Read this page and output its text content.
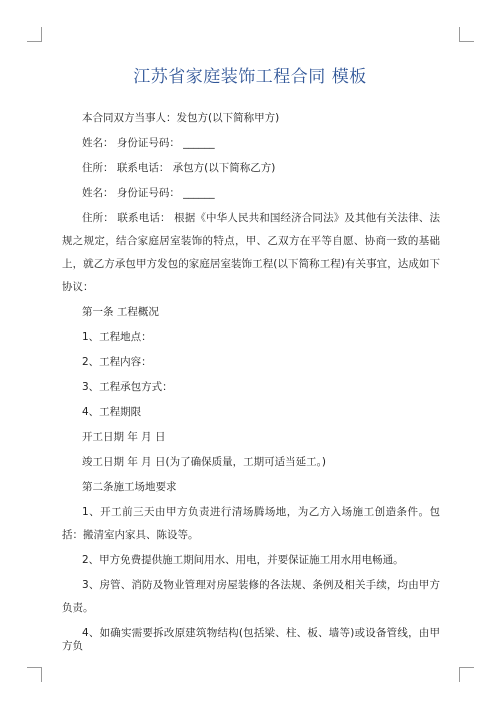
江苏省家庭装饰工程合同 模板

本合同双方当事人：发包方(以下简称甲方)

姓名： 身份证号码： ______

住所： 联系电话： 承包方(以下简称乙方)

姓名： 身份证号码： ______

住所： 联系电话： 根据《中华人民共和国经济合同法》及其他有关法律、法规之规定，结合家庭居室装饰的特点，甲、乙双方在平等自愿、协商一致的基础上，就乙方承包甲方发包的家庭居室装饰工程(以下简称工程)有关事宜，达成如下协议：

第一条 工程概况

1、工程地点：

2、工程内容：

3、工程承包方式：

4、工程期限

开工日期 年 月 日

竣工日期 年 月 日(为了确保质量，工期可适当延工。)

第二条施工场地要求

1、开工前三天由甲方负责进行清场腾场地，为乙方入场施工创造条件。包括：搬清室内家具、陈设等。

2、甲方免费提供施工期间用水、用电，并要保证施工用水用电畅通。

3、房管、消防及物业管理对房屋装修的各法规、条例及相关手续，均由甲方负责。

4、如确实需要拆改原建筑物结构(包括梁、柱、板、墙等)或设备管线，由甲方负
